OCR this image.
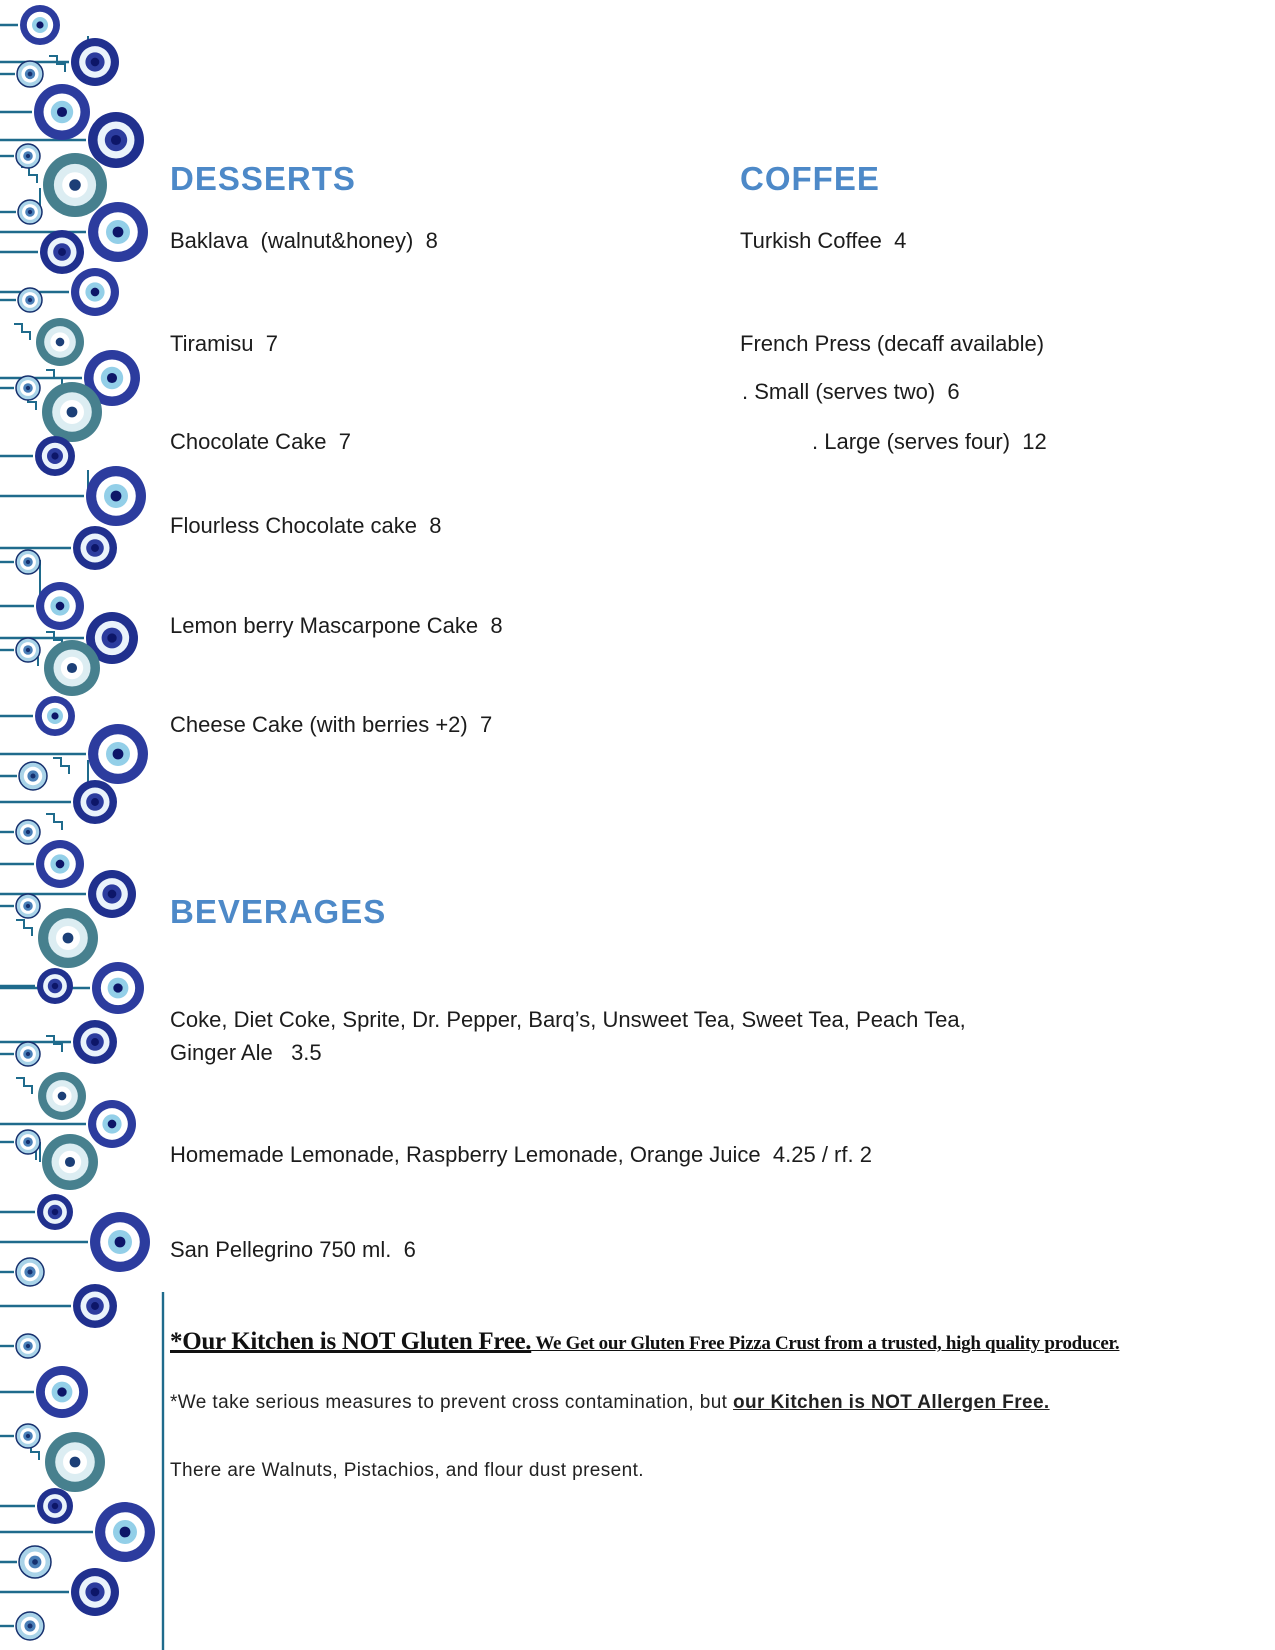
DESSERTS	COFFEE
Baklava  (walnut&honey)  8
Tiramisu  7
Chocolate Cake  7
Flourless Chocolate cake  8
Lemon berry Mascarpone Cake  8
Cheese Cake (with berries +2)  7
Turkish Coffee  4
French Press (decaff available)
. Small (serves two)  6
. Large (serves four)  12
BEVERAGES
Coke, Diet Coke, Sprite, Dr. Pepper, Barq’s, Unsweet Tea, Sweet Tea, Peach Tea, Ginger Ale   3.5
Homemade Lemonade, Raspberry Lemonade, Orange Juice  4.25 / rf. 2
San Pellegrino 750 ml.  6
*Our Kitchen is NOT Gluten Free. We Get our Gluten Free Pizza Crust from a trusted, high quality producer.
*We take serious measures to prevent cross contamination, but our Kitchen is NOT Allergen Free.

There are Walnuts, Pistachios, and flour dust present.
